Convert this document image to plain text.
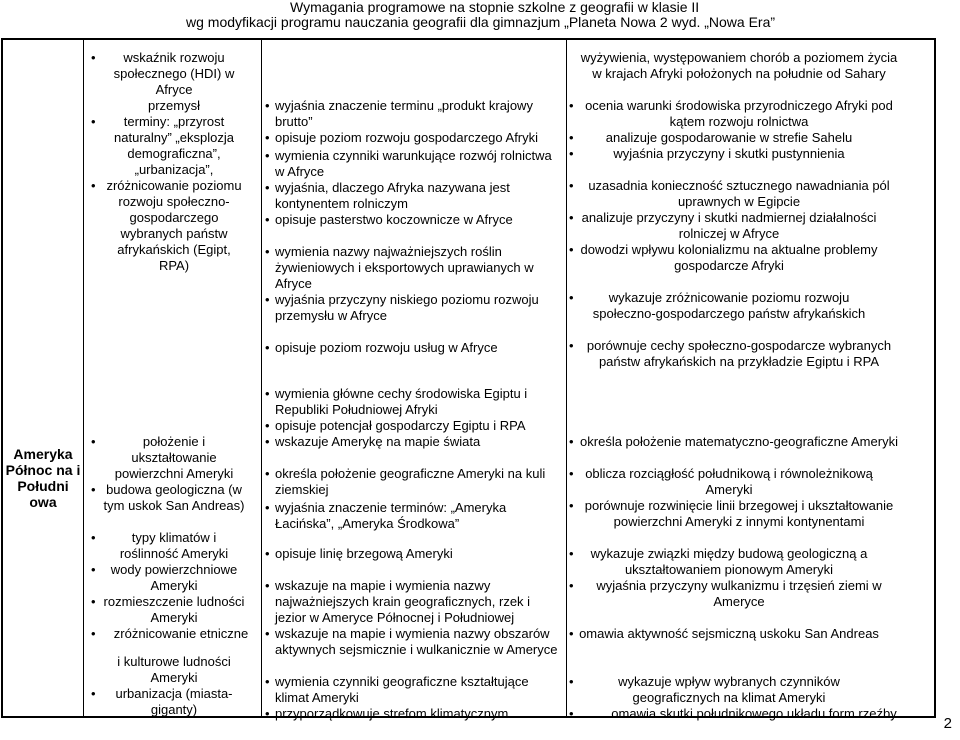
Wymagania programowe na stopnie szkolne z geografii w klasie II
wg modyfikacji programu nauczania geografii dla gimnazjum „Planeta Nowa 2 wyd. „Nowa Era”
Ameryka Północ na i Południ owa
• wskaźnik rozwoju społecznego (HDI) w Afryce
przemysł
• terminy: „przyrost naturalny” „eksplozja demograficzna”, „urbanizacja”,
• zróżnicowanie poziomu rozwoju społeczno-gospodarczego wybranych państw afrykańskich (Egipt, RPA)
• położenie i ukształtowanie powierzchni Ameryki
• budowa geologiczna (w tym uskok San Andreas)
• typy klimatów i roślinność Ameryki
• wody powierzchniowe Ameryki
• rozmieszczenie ludności Ameryki
• zróżnicowanie etniczne
i kulturowe ludności Ameryki
• urbanizacja (miasta-giganty)
• wyjaśnia znaczenie terminu „produkt krajowy brutto”
• opisuje poziom rozwoju gospodarczego Afryki
• wymienia czynniki warunkujące rozwój rolnictwa w Afryce
• wyjaśnia, dlaczego Afryka nazywana jest kontynentem rolniczym
• opisuje pasterstwo koczownicze w Afryce
• wymienia nazwy najważniejszych roślin żywieniowych i eksportowych uprawianych w Afryce
• wyjaśnia przyczyny niskiego poziomu rozwoju przemysłu w Afryce
• opisuje poziom rozwoju usług w Afryce
• wymienia główne cechy środowiska Egiptu i Republiki Południowej Afryki
• opisuje potencjał gospodarczy Egiptu i RPA
• wskazuje Amerykę na mapie świata
• określa położenie geograficzne Ameryki na kuli ziemskiej
• wyjaśnia znaczenie terminów: „Ameryka Łacińska”, „Ameryka Środkowa”
• opisuje linię brzegową Ameryki
• wskazuje na mapie i wymienia nazwy najważniejszych krain geograficznych, rzek i jezior w Ameryce Północnej i Południowej
• wskazuje na mapie i wymienia nazwy obszarów aktywnych sejsmicznie i wulkanicznie w Ameryce
• wymienia czynniki geograficzne kształtujące klimat Ameryki
• przyporządkowuje strefom klimatycznym
wyżywienia, występowaniem chorób a poziomem życia w krajach Afryki położonych na południe od Sahary
• ocenia warunki środowiska przyrodniczego Afryki pod kątem rozwoju rolnictwa
• analizuje gospodarowanie w strefie Sahelu
• wyjaśnia przyczyny i skutki pustynnienia
• uzasadnia konieczność sztucznego nawadniania pól uprawnych w Egipcie
• analizuje przyczyny i skutki nadmiernej działalności rolniczej w Afryce
• dowodzi wpływu kolonializmu na aktualne problemy gospodarcze Afryki
• wykazuje zróżnicowanie poziomu rozwoju społeczno-gospodarczego państw afrykańskich
• porównuje cechy społeczno-gospodarcze wybranych państw afrykańskich na przykładzie Egiptu i RPA
• określa położenie matematyczno-geograficzne Ameryki
• oblicza rozciągłość południkową i równoleżnikową Ameryki
• porównuje rozwinięcie linii brzegowej i ukształtowanie powierzchni Ameryki z innymi kontynentami
• wykazuje związki między budową geologiczną a ukształtowaniem pionowym Ameryki
• wyjaśnia przyczyny wulkanizmu i trzęsień ziemi w Ameryce
• omawia aktywność sejsmiczną uskoku San Andreas
• wykazuje wpływ wybranych czynników geograficznych na klimat Ameryki
• omawia skutki południkowego układu form rzeźby
2
